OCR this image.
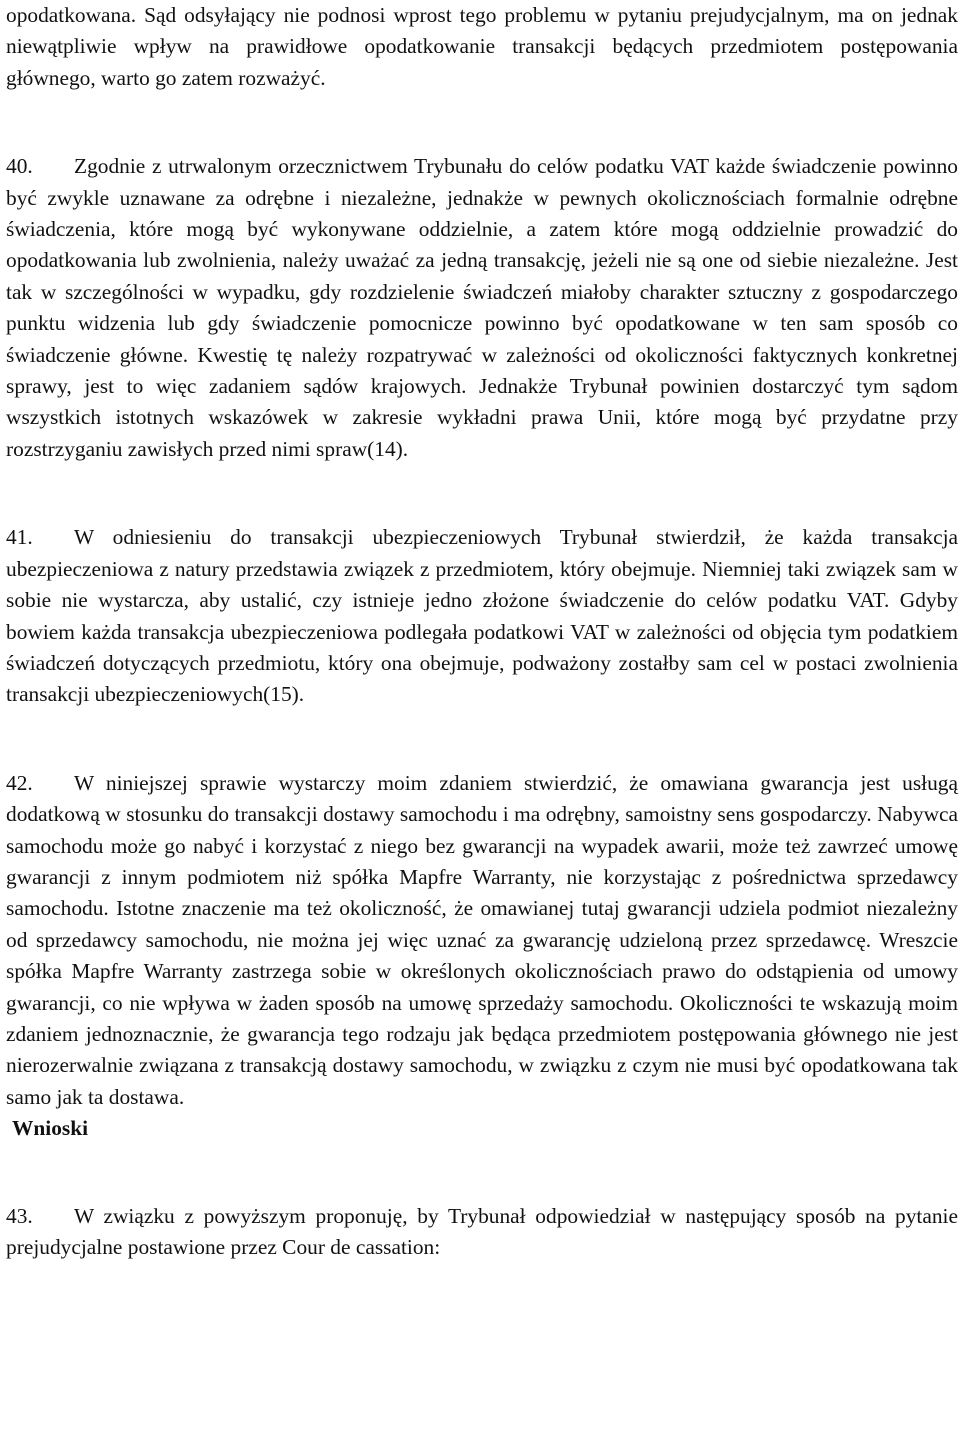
opodatkowana. Sąd odsyłający nie podnosi wprost tego problemu w pytaniu prejudycjalnym, ma on jednak niewątpliwie wpływ na prawidłowe opodatkowanie transakcji będących przedmiotem postępowania głównego, warto go zatem rozważyć.

40. Zgodnie z utrwalonym orzecznictwem Trybunału do celów podatku VAT każde świadczenie powinno być zwykle uznawane za odrębne i niezależne, jednakże w pewnych okolicznościach formalnie odrębne świadczenia, które mogą być wykonywane oddzielnie, a zatem które mogą oddzielnie prowadzić do opodatkowania lub zwolnienia, należy uważać za jedną transakcję, jeżeli nie są one od siebie niezależne. Jest tak w szczególności w wypadku, gdy rozdzielenie świadczeń miałoby charakter sztuczny z gospodarczego punktu widzenia lub gdy świadczenie pomocnicze powinno być opodatkowane w ten sam sposób co świadczenie główne. Kwestię tę należy rozpatrywać w zależności od okoliczności faktycznych konkretnej sprawy, jest to więc zadaniem sądów krajowych. Jednakże Trybunał powinien dostarczyć tym sądom wszystkich istotnych wskazówek w zakresie wykładni prawa Unii, które mogą być przydatne przy rozstrzyganiu zawisłych przed nimi spraw(14).

41. W odniesieniu do transakcji ubezpieczeniowych Trybunał stwierdził, że każda transakcja ubezpieczeniowa z natury przedstawia związek z przedmiotem, który obejmuje. Niemniej taki związek sam w sobie nie wystarcza, aby ustalić, czy istnieje jedno złożone świadczenie do celów podatku VAT. Gdyby bowiem każda transakcja ubezpieczeniowa podlegała podatkowi VAT w zależności od objęcia tym podatkiem świadczeń dotyczących przedmiotu, który ona obejmuje, podważony zostałby sam cel w postaci zwolnienia transakcji ubezpieczeniowych(15).

42. W niniejszej sprawie wystarczy moim zdaniem stwierdzić, że omawiana gwarancja jest usługą dodatkową w stosunku do transakcji dostawy samochodu i ma odrębny, samoistny sens gospodarczy. Nabywca samochodu może go nabyć i korzystać z niego bez gwarancji na wypadek awarii, może też zawrzeć umowę gwarancji z innym podmiotem niż spółka Mapfre Warranty, nie korzystając z pośrednictwa sprzedawcy samochodu. Istotne znaczenie ma też okoliczność, że omawianej tutaj gwarancji udziela podmiot niezależny od sprzedawcy samochodu, nie można jej więc uznać za gwarancję udzieloną przez sprzedawcę. Wreszcie spółka Mapfre Warranty zastrzega sobie w określonych okolicznościach prawo do odstąpienia od umowy gwarancji, co nie wpływa w żaden sposób na umowę sprzedaży samochodu. Okoliczności te wskazują moim zdaniem jednoznacznie, że gwarancja tego rodzaju jak będąca przedmiotem postępowania głównego nie jest nierozerwalnie związana z transakcją dostawy samochodu, w związku z czym nie musi być opodatkowana tak samo jak ta dostawa.

Wnioski

43. W związku z powyższym proponuję, by Trybunał odpowiedział w następujący sposób na pytanie prejudycjalne postawione przez Cour de cassation:
